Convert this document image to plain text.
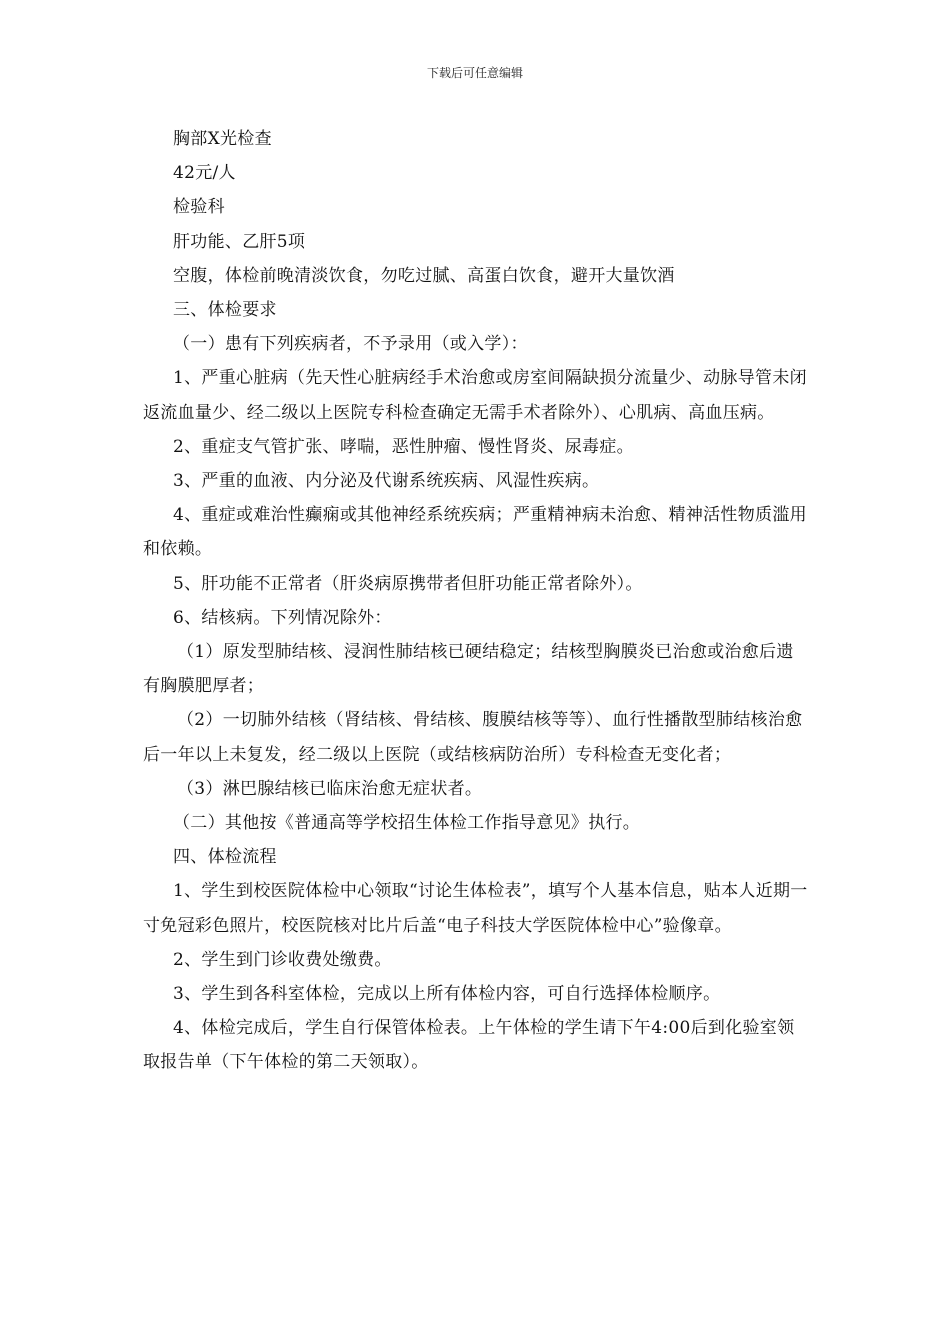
下载后可任意编辑

胸部X光检查

42元/人

检验科

肝功能、乙肝5项

空腹，体检前晚清淡饮食，勿吃过腻、高蛋白饮食，避开大量饮酒

三、体检要求

（一）患有下列疾病者，不予录用（或入学）：

1、严重心脏病（先天性心脏病经手术治愈或房室间隔缺损分流量少、动脉导管未闭返流血量少、经二级以上医院专科检查确定无需手术者除外）、心肌病、高血压病。

2、重症支气管扩张、哮喘，恶性肿瘤、慢性肾炎、尿毒症。

3、严重的血液、内分泌及代谢系统疾病、风湿性疾病。

4、重症或难治性癫痫或其他神经系统疾病；严重精神病未治愈、精神活性物质滥用和依赖。

5、肝功能不正常者（肝炎病原携带者但肝功能正常者除外）。

6、结核病。下列情况除外：

（1）原发型肺结核、浸润性肺结核已硬结稳定；结核型胸膜炎已治愈或治愈后遗有胸膜肥厚者；

（2）一切肺外结核（肾结核、骨结核、腹膜结核等等）、血行性播散型肺结核治愈后一年以上未复发，经二级以上医院（或结核病防治所）专科检查无变化者；

（3）淋巴腺结核已临床治愈无症状者。

（二）其他按《普通高等学校招生体检工作指导意见》执行。

四、体检流程

1、学生到校医院体检中心领取“讨论生体检表”，填写个人基本信息，贴本人近期一寸免冠彩色照片，校医院核对比片后盖“电子科技大学医院体检中心”验像章。

2、学生到门诊收费处缴费。

3、学生到各科室体检，完成以上所有体检内容，可自行选择体检顺序。

4、体检完成后，学生自行保管体检表。上午体检的学生请下午4:00后到化验室领取报告单（下午体检的第二天领取）。
